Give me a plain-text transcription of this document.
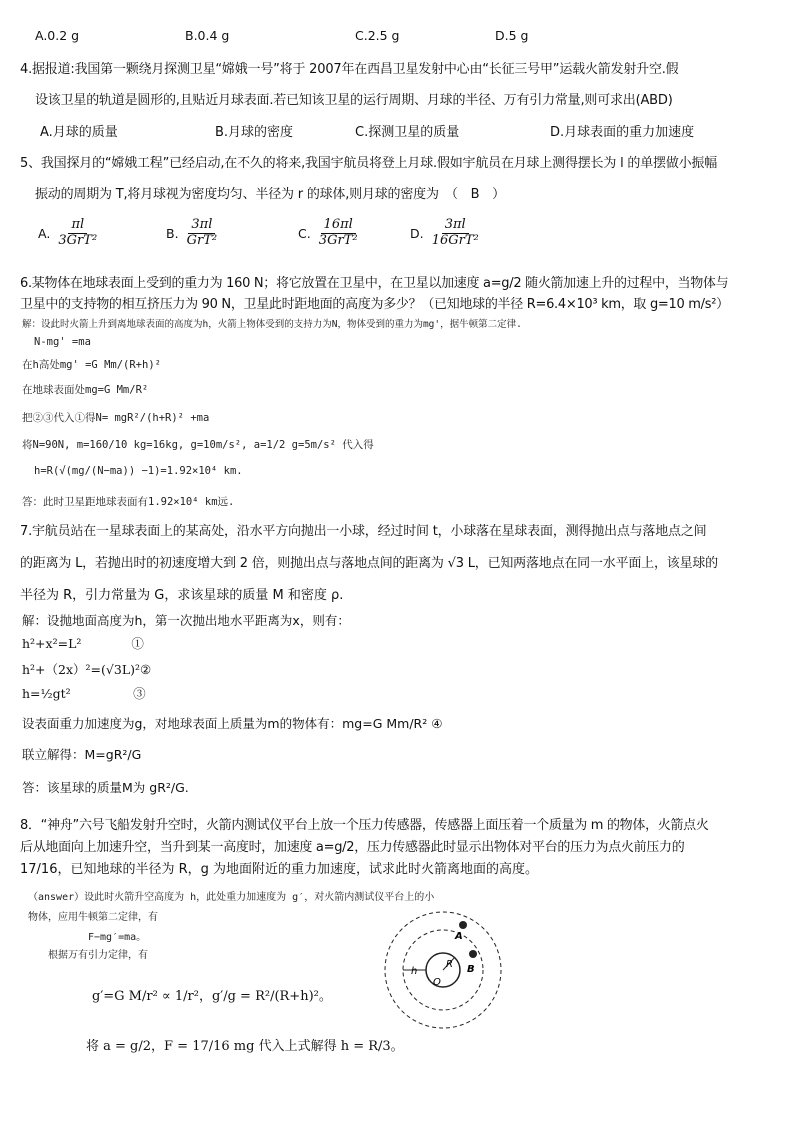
A.0.2 g	B.0.4 g	C.2.5 g	D.5 g
4.据报道:我国第一颗绕月探测卫星“嫦娥一号”将于 2007年在西昌卫星发射中心由“长征三号甲”运载火箭发射升空.假
设该卫星的轨道是圆形的,且贴近月球表面.若已知该卫星的运行周期、月球的半径、万有引力常量,则可求出(ABD)
A.月球的质量	B.月球的密度	C.探测卫星的质量	D.月球表面的重力加速度
5、我国探月的“嫦娥工程”已经启动,在不久的将来,我国宇航员将登上月球.假如宇航员在月球上测得摆长为 l 的单摆做小振幅
振动的周期为 T,将月球视为密度均匀、半径为 r 的球体,则月球的密度为　（　B　）
A. $\frac{\pi l}{\text{3GrT²}}$	B. $\frac{3\pi l}{\text{GrT²}}$	C. $\frac{16\pi l}{\text{3GrT²}}$	D. $\frac{3\pi l}{\text{16GrT²}}$
6.某物体在地球表面上受到的重力为 160 N；将它放置在卫星中，在卫星以加速度 a=g/2 随火箭加速上升的过程中，当物体与
卫星中的支持物的相互挤压力为 90 N，卫星此时距地面的高度为多少？（已知地球的半径 R=6.4×10³ km，取 g=10 m/s²）
解：设此时火箭上升到离地球表面的高度为h，火箭上物体受到的支持力为N，物体受到的重力为mg'，据牛顿第二定律.
N-mg' =ma
在h高处mg' =G Mm/(R+h)²
在地球表面处mg=G Mm/R²
把②③代入①得N= mgR²/(h+R)² +ma
将N=90N, m=160/10 kg=16kg, g=10m/s², a=1/2 g=5m/s² 代入得
h=R(√(mg/(N−ma)) −1)=1.92×10⁴ km.
答：此时卫星距地球表面有1.92×10⁴ km远.
7.宇航员站在一星球表面上的某高处，沿水平方向抛出一小球，经过时间 t，小球落在星球表面，测得抛出点与落地点之间
的距离为 L，若抛出时的初速度增大到 2 倍，则抛出点与落地点间的距离为 √3 L，已知两落地点在同一水平面上，该星球的
半径为 R，引力常量为 G，求该星球的质量 M 和密度 ρ.
解：设抛地面高度为h，第一次抛出地水平距离为x，则有：
h²+x²=L²　　　　①
h²+（2x）²=(√3L)²②
h=½gt²　　　　　③
设表面重力加速度为g，对地球表面上质量为m的物体有：mg=G Mm/R² ④
联立解得：M=gR²/G
答：该星球的质量M为 gR²/G.
8．“神舟”六号飞船发射升空时，火箭内测试仪平台上放一个压力传感器，传感器上面压着一个质量为 m 的物体，火箭点火
后从地面向上加速升空，当升到某一高度时，加速度 a=g/2，压力传感器此时显示出物体对平台的压力为点火前压力的
17/16，已知地球的半径为 R，g 为地面附近的重力加速度，试求此时火箭离地面的高度。
（answer）设此时火箭升空高度为 h，此处重力加速度为 g′，对火箭内测试仪平台上的小
物体，应用牛顿第二定律，有
F−mg′=ma。
根据万有引力定律，有
g′=G M/r² ∝ 1/r²，g′/g = R²/(R+h)²。
将 a = g/2，F = 17/16 mg 代入上式解得 h = R/3。
A
B
h
O
R
